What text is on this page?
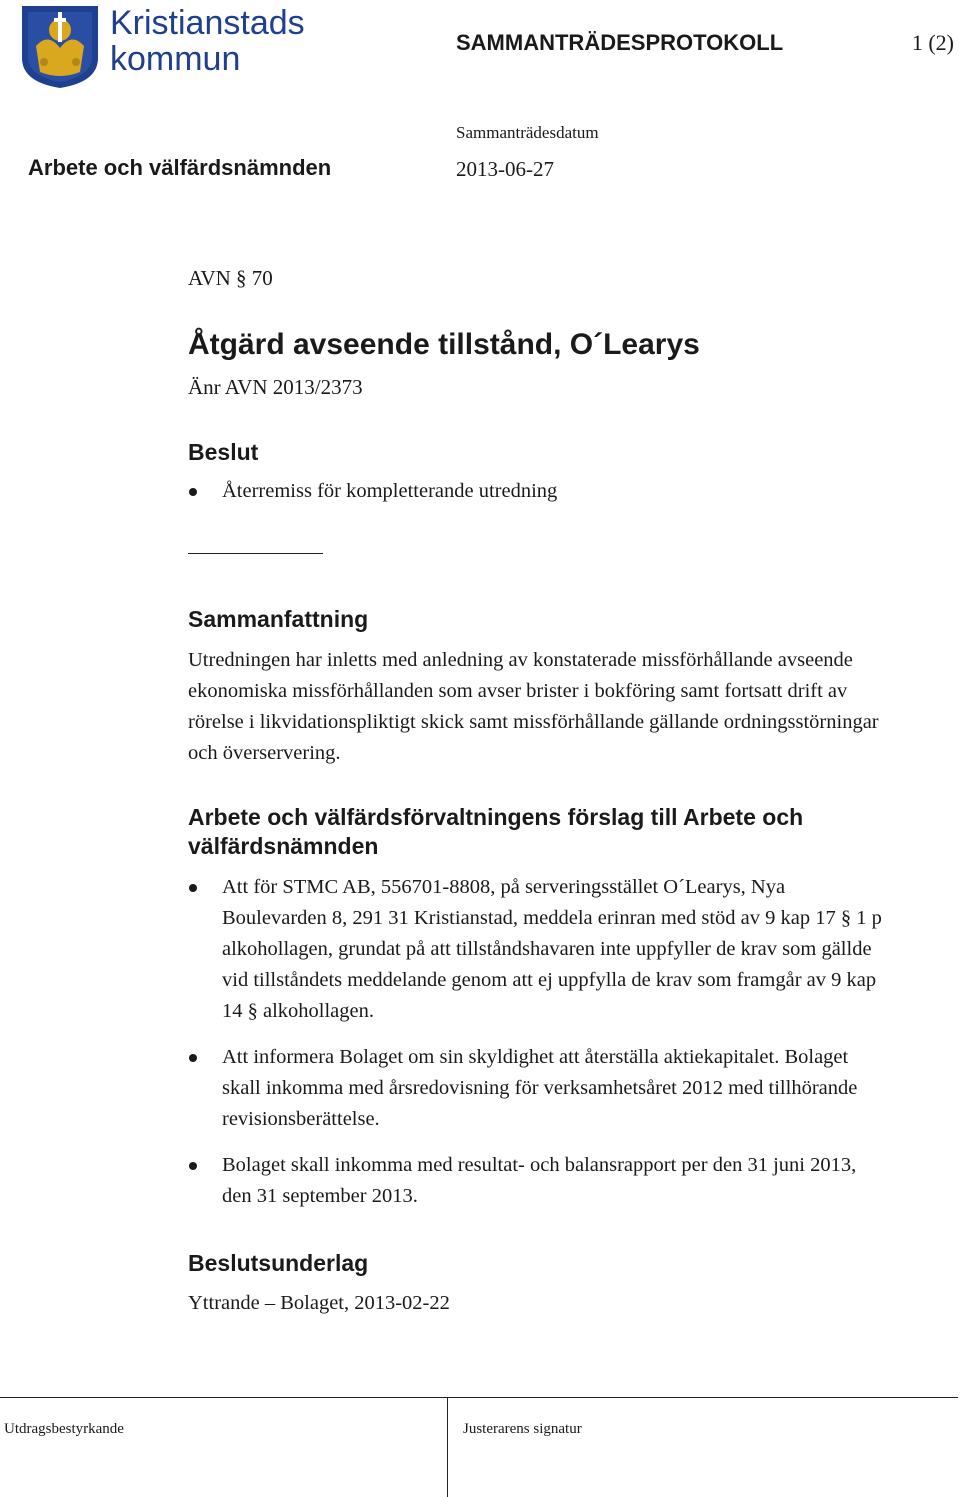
Kristianstads
kommun	SAMMANTRÄDESPROTOKOLL	1 (2)
Sammanträdesdatum
Arbete och välfärdsnämnden	2013-06-27
AVN § 70
Åtgärd avseende tillstånd, O´Learys
Änr AVN 2013/2373
Beslut
Återremiss för kompletterande utredning
Sammanfattning

Utredningen har inletts med anledning av konstaterade missförhållande avseende ekonomiska missförhållanden som avser brister i bokföring samt fortsatt drift av rörelse i likvidationspliktigt skick samt missförhållande gällande ordningsstörningar och överservering.

Arbete och välfärdsförvaltningens förslag till Arbete och
välfärdsnämnden
Att för STMC AB, 556701-8808, på serveringsstället O´Learys, Nya Boulevarden 8, 291 31 Kristianstad, meddela erinran med stöd av 9 kap 17 § 1 p alkohollagen, grundat på att tillståndshavaren inte uppfyller de krav som gällde vid tillståndets meddelande genom att ej uppfylla de krav som framgår av 9 kap 14 § alkohollagen.
Att informera Bolaget om sin skyldighet att återställa aktiekapitalet. Bolaget skall inkomma med årsredovisning för verksamhetsåret 2012 med tillhörande revisionsberättelse.
Bolaget skall inkomma med resultat- och balansrapport per den 31 juni 2013, den 31 september 2013.
Beslutsunderlag

Yttrande – Bolaget, 2013-02-22

Utdragsbestyrkande	Justerarens signatur
